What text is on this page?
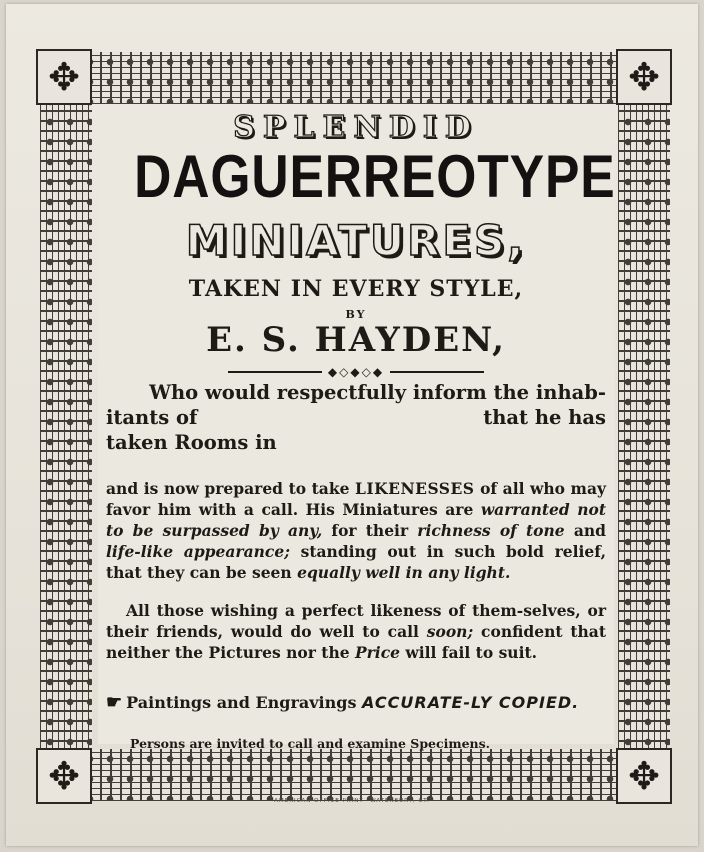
✥	✥
✥	✥
SPLENDID
DAGUERREOTYPE
MINIATURES,
TAKEN IN EVERY STYLE,
BY
E. S. HAYDEN,
◆◇◆◇◆
Who would respectfully inform the inhab-
itants of	that he has
taken Rooms in
and is now prepared to take LIKENESSES of all who may favor him with a call. His Miniatures are warranted not to be surpassed by any, for their richness of tone and life-like appearance; standing out in such bold relief, that they can be seen equally well in any light.
All those wishing a perfect likeness of them-selves, or their friends, would do well to call soon; confident that neither the Pictures nor the Price will fail to suit.
☛ Paintings and Engravings ACCURATE-LY COPIED.
Persons are invited to call and examine Specimens.
AMERICAN OFFICE PRINT—WATERBURY, CT.
